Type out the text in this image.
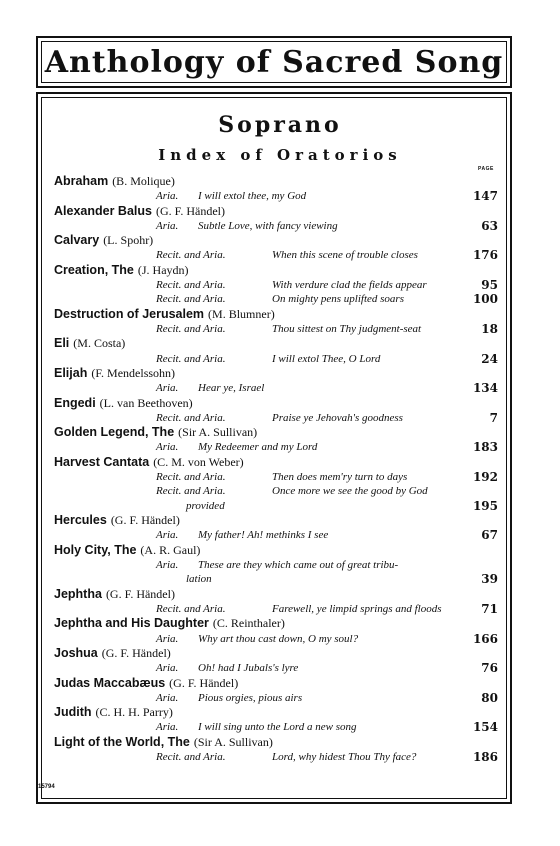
Anthology of Sacred Song
Soprano
Index of Oratorios
PAGE
Abraham (B. Molique)
Aria. I will extol thee, my God	147
Alexander Balus (G. F. Händel)
Aria. Subtle Love, with fancy viewing	63
Calvary (L. Spohr)
Recit. and Aria.	When this scene of trouble closes	176
Creation, The (J. Haydn)
Recit. and Aria.	With verdure clad the fields appear	95
Recit. and Aria.	On mighty pens uplifted soars	100
Destruction of Jerusalem (M. Blumner)
Recit. and Aria.	Thou sittest on Thy judgment-seat	18
Eli (M. Costa)
Recit. and Aria.	I will extol Thee, O Lord	24
Elijah (F. Mendelssohn)
Aria. Hear ye, Israel	134
Engedi (L. van Beethoven)
Recit. and Aria.	Praise ye Jehovah's goodness	7
Golden Legend, The (Sir A. Sullivan)
Aria. My Redeemer and my Lord	183
Harvest Cantata (C. M. von Weber)
Recit. and Aria.	Then does mem'ry turn to days	192
Recit. and Aria.	Once more we see the good by God
provided	195
Hercules (G. F. Händel)
Aria. My father! Ah! methinks I see	67
Holy City, The (A. R. Gaul)
Aria. These are they which came out of great tribu-
lation	39
Jephtha (G. F. Händel)
Recit. and Aria.	Farewell, ye limpid springs and floods	71
Jephtha and His Daughter (C. Reinthaler)
Aria. Why art thou cast down, O my soul?	166
Joshua (G. F. Händel)
Aria. Oh! had I Jubals's lyre	76
Judas Maccabæus (G. F. Händel)
Aria. Pious orgies, pious airs	80
Judith (C. H. H. Parry)
Aria. I will sing unto the Lord a new song	154
Light of the World, The (Sir A. Sullivan)
Recit. and Aria.	Lord, why hidest Thou Thy face?	186
15794
